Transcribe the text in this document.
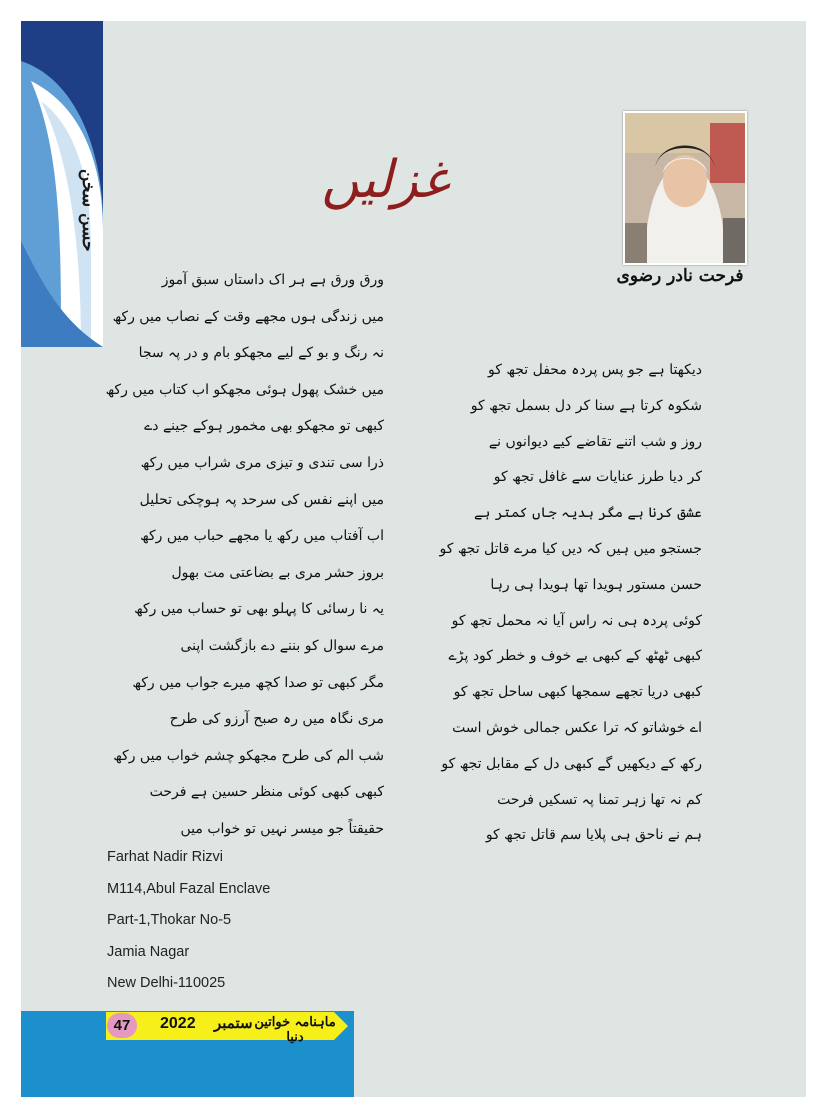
حسن سخن	غزلیں
فرحت نادر رضوی
ورق ورق ہے ہر اک داستاں سبق آموز
میں زندگی ہوں مجھے وقت کے نصاب میں رکھ
نہ رنگ و بو کے لیے مجھکو بام و در پہ سجا
میں خشک پھول ہوئی مجھکو اب کتاب میں رکھ
کبھی تو مجھکو بھی مخمور ہوکے جینے دے
ذرا سی تندی و تیزی مری شراب میں رکھ
میں اپنے نفس کی سرحد پہ ہوچکی تحلیل
اب آفتاب میں رکھ یا مجھے حباب میں رکھ
بروز حشر مری بے بضاعتی مت بھول
یہ نا رسائی کا پہلو بھی تو حساب میں رکھ
مرے سوال کو بننے دے بازگشت اپنی
مگر کبھی تو صدا کچھ میرے جواب میں رکھ
مری نگاہ میں رہ صبح آرزو کی طرح
شب الم کی طرح مجھکو چشم خواب میں رکھ
کبھی کبھی کوئی منظر حسین ہے فرحت
حقیقتاً جو میسر نہیں تو خواب میں
دیکھتا ہے جو پس پردہ محفل تجھ کو
شکوہ کرتا ہے سنا کر دل بسمل تجھ کو
روز و شب اتنے تقاضے کیے دیوانوں نے
کر دیا طرز عنایات سے غافل تجھ کو
عشق کرنا ہے مگر ہدیہ جاں کمتر ہے
جستجو میں ہیں کہ دیں کیا مرے قاتل تجھ کو
حسن مستور ہویدا تھا ہویدا ہی رہا
کوئی پردہ ہی نہ راس آیا نہ محمل تجھ کو
کبھی ٹھٹھ کے کبھی بے خوف و خطر کود پڑے
کبھی دریا تجھے سمجھا کبھی ساحل تجھ کو
اے خوشاتو کہ ترا عکس جمالی خوش است
رکھ کے دیکھیں گے کبھی دل کے مقابل تجھ کو
کم نہ تھا زہر تمنا پہ تسکیں فرحت
ہم نے ناحق ہی پلایا سم قاتل تجھ کو
Farhat Nadir Rizvi
M114,Abul Fazal Enclave
Part-1,Thokar No-5
Jamia Nagar
New Delhi-110025
47	2022 ستمبر ماہنامہ خواتین دنیا
